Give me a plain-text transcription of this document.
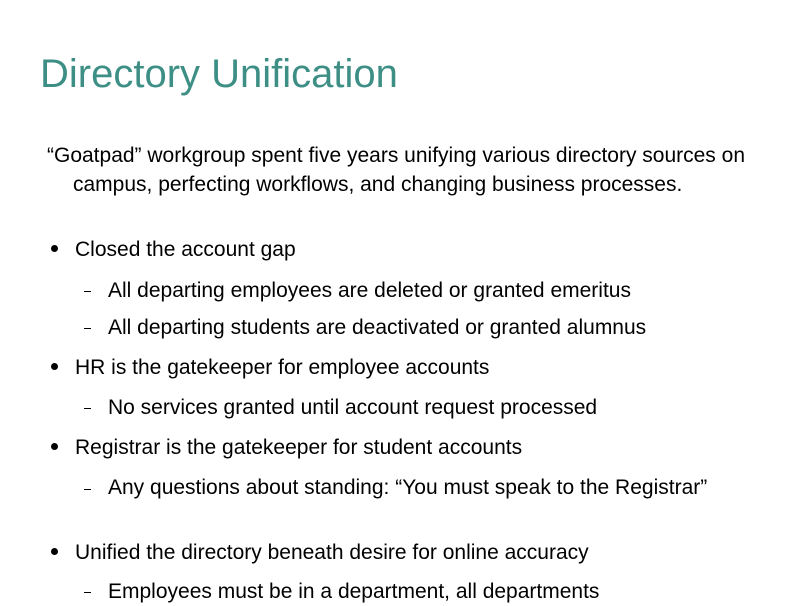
Directory Unification
“Goatpad” workgroup spent five years unifying various directory sources on campus, perfecting workflows, and changing business processes.
Closed the account gap
All departing employees are deleted or granted emeritus
All departing students are deactivated or granted alumnus
HR is the gatekeeper for employee accounts
No services granted until account request processed
Registrar is the gatekeeper for student accounts
Any questions about standing: “You must speak to the Registrar”
Unified the directory beneath desire for online accuracy
Employees must be in a department, all departments
